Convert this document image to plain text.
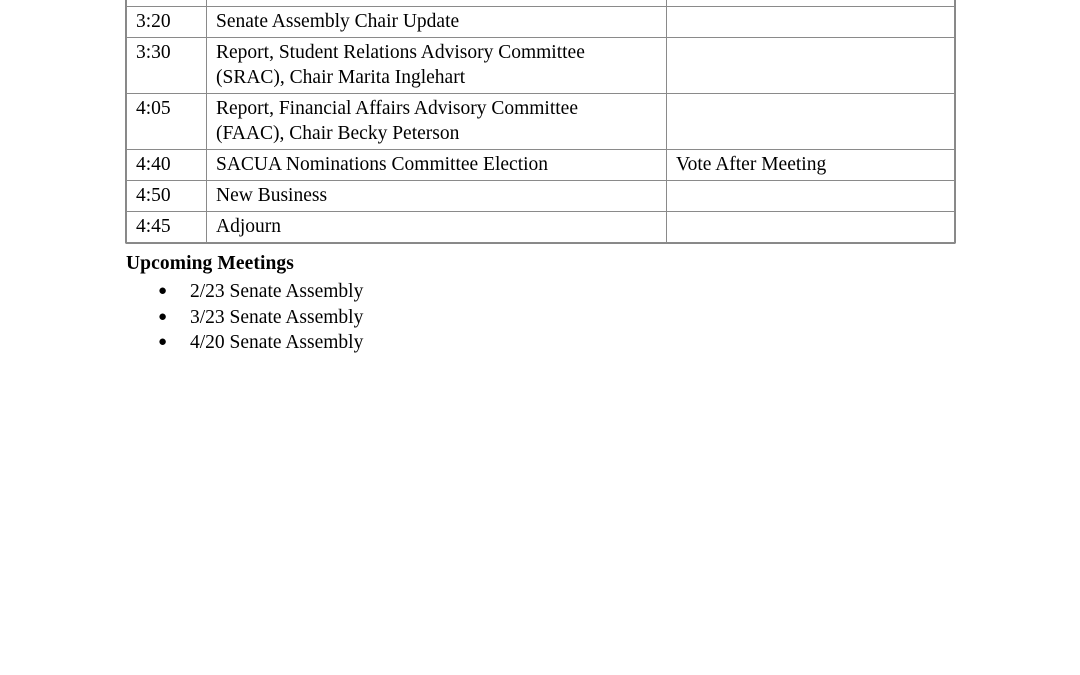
3:20	Senate Assembly Chair Update	
3:30	Report, Student Relations Advisory Committee
(SRAC), Chair Marita Inglehart	

4:05	Report, Financial Affairs Advisory Committee
(FAAC), Chair Becky Peterson	

4:40	SACUA Nominations Committee Election	Vote After Meeting
4:50	New Business	
4:45	Adjourn	
Upcoming Meetings
● 2/23 Senate Assembly
● 3/23 Senate Assembly
● 4/20 Senate Assembly
